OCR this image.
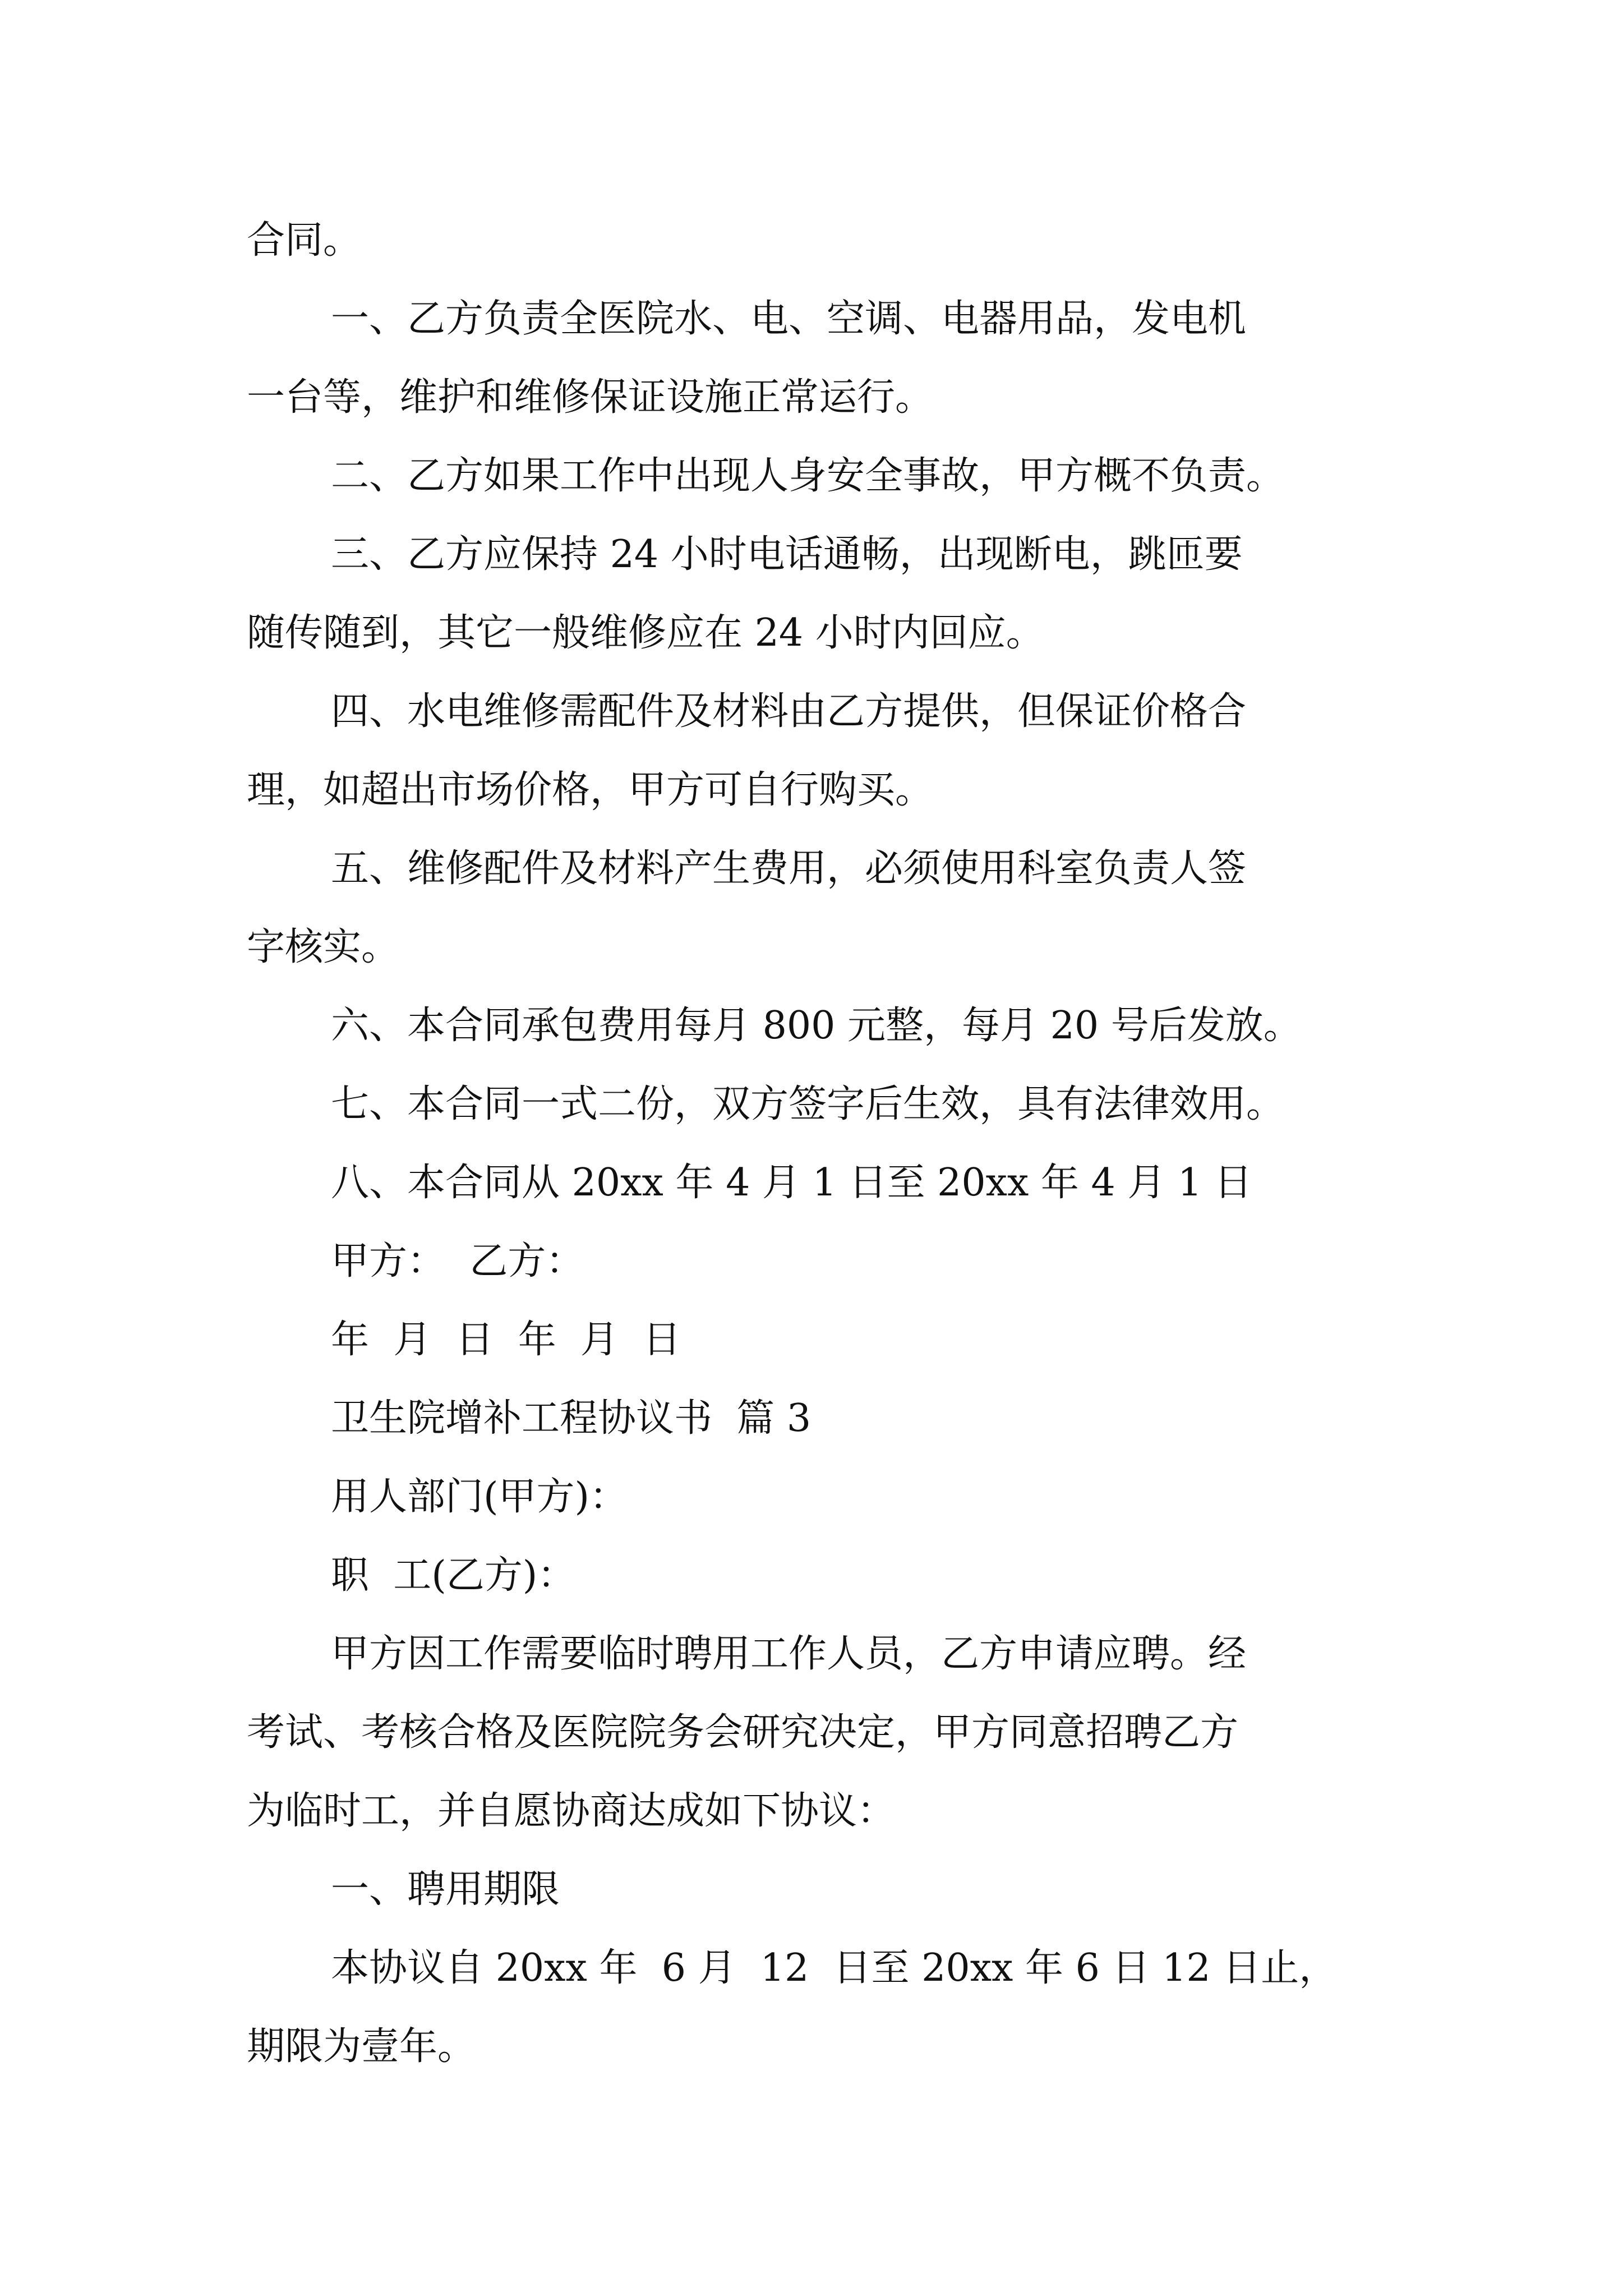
合同。

一、乙方负责全医院水、电、空调、电器用品，发电机

一台等，维护和维修保证设施正常运行。

二、乙方如果工作中出现人身安全事故，甲方概不负责。

三、乙方应保持 24 小时电话通畅，出现断电，跳匝要

随传随到，其它一般维修应在 24 小时内回应。

四、水电维修需配件及材料由乙方提供，但保证价格合

理，如超出市场价格，甲方可自行购买。

五、维修配件及材料产生费用，必须使用科室负责人签

字核实。

六、本合同承包费用每月 800 元整，每月 20 号后发放。

七、本合同一式二份，双方签字后生效，具有法律效用。

八、本合同从 20xx 年 4 月 1 日至 20xx 年 4 月 1 日

甲方：  乙方：

年  月  日  年  月  日

卫生院增补工程协议书  篇 3

用人部门(甲方)：

职  工(乙方)：

甲方因工作需要临时聘用工作人员，乙方申请应聘。经

考试、考核合格及医院院务会研究决定，甲方同意招聘乙方

为临时工，并自愿协商达成如下协议：

一、聘用期限

本协议自 20xx 年  6 月  12  日至 20xx 年 6 日 12 日止，

期限为壹年。
